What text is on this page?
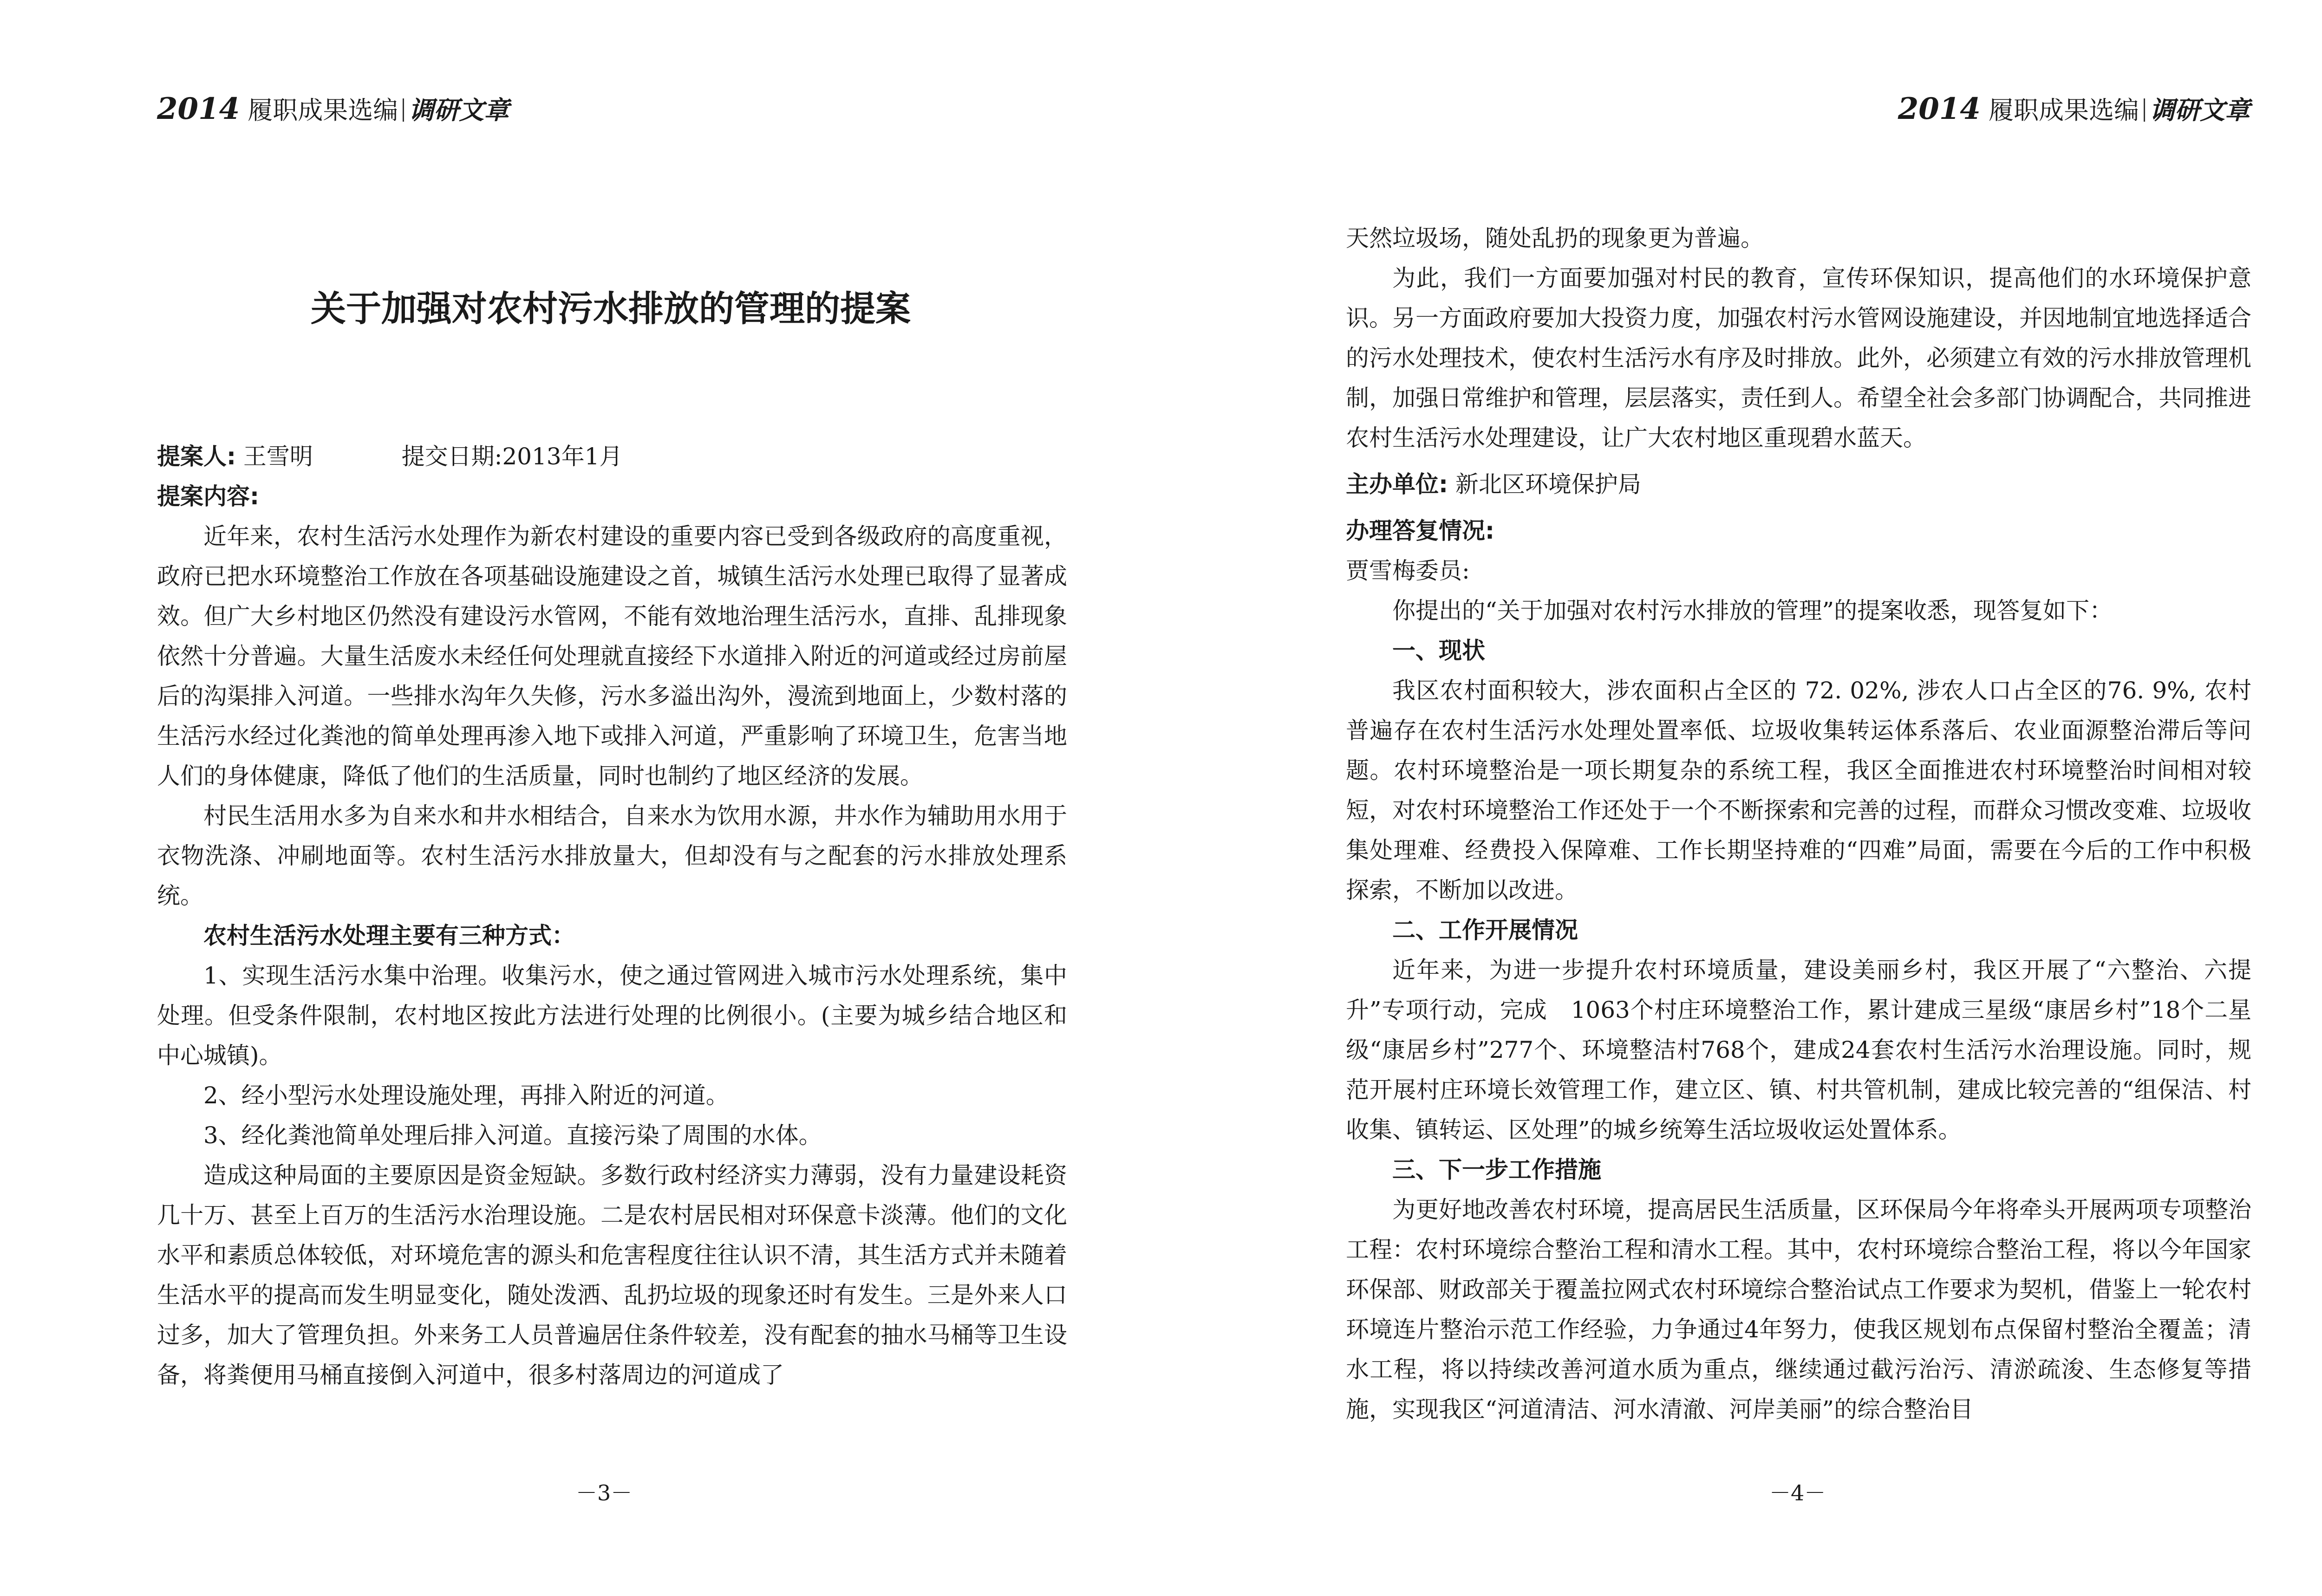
2014 履职成果选编 调研文章
关于加强对农村污水排放的管理的提案

提案人: 王雪明	提交日期:2013年1月

提案内容:

近年来，农村生活污水处理作为新农村建设的重要内容已受到各级政府的高度重视，政府已把水环境整治工作放在各项基础设施建设之首，城镇生活污水处理已取得了显著成效。但广大乡村地区仍然没有建设污水管网，不能有效地治理生活污水，直排、乱排现象依然十分普遍。大量生活废水未经任何处理就直接经下水道排入附近的河道或经过房前屋后的沟渠排入河道。一些排水沟年久失修，污水多溢出沟外，漫流到地面上，少数村落的生活污水经过化粪池的简单处理再渗入地下或排入河道，严重影响了环境卫生，危害当地人们的身体健康，降低了他们的生活质量，同时也制约了地区经济的发展。

村民生活用水多为自来水和井水相结合，自来水为饮用水源，井水作为辅助用水用于衣物洗涤、冲刷地面等。农村生活污水排放量大，但却没有与之配套的污水排放处理系统。

农村生活污水处理主要有三种方式：

1、实现生活污水集中治理。收集污水，使之通过管网进入城市污水处理系统，集中处理。但受条件限制，农村地区按此方法进行处理的比例很小。(主要为城乡结合地区和中心城镇)。

2、经小型污水处理设施处理，再排入附近的河道。

3、经化粪池简单处理后排入河道。直接污染了周围的水体。

造成这种局面的主要原因是资金短缺。多数行政村经济实力薄弱，没有力量建设耗资几十万、甚至上百万的生活污水治理设施。二是农村居民相对环保意卡淡薄。他们的文化水平和素质总体较低，对环境危害的源头和危害程度往往认识不清，其生活方式并未随着生活水平的提高而发生明显变化，随处泼洒、乱扔垃圾的现象还时有发生。三是外来人口过多，加大了管理负担。外来务工人员普遍居住条件较差，没有配套的抽水马桶等卫生设备，将粪便用马桶直接倒入河道中，很多村落周边的河道成了

－3－
2014 履职成果选编 调研文章

天然垃圾场，随处乱扔的现象更为普遍。

为此，我们一方面要加强对村民的教育，宣传环保知识，提高他们的水环境保护意识。另一方面政府要加大投资力度，加强农村污水管网设施建设，并因地制宜地选择适合的污水处理技术，使农村生活污水有序及时排放。此外，必须建立有效的污水排放管理机制，加强日常维护和管理，层层落实，责任到人。希望全社会多部门协调配合，共同推进农村生活污水处理建设，让广大农村地区重现碧水蓝天。

主办单位: 新北区环境保护局

办理答复情况:

贾雪梅委员:

你提出的“关于加强对农村污水排放的管理”的提案收悉，现答复如下：

一、现状

我区农村面积较大，涉农面积占全区的 72. 02%, 涉农人口占全区的76. 9%, 农村普遍存在农村生活污水处理处置率低、垃圾收集转运体系落后、农业面源整治滞后等问题。农村环境整治是一项长期复杂的系统工程，我区全面推进农村环境整治时间相对较短，对农村环境整治工作还处于一个不断探索和完善的过程，而群众习惯改变难、垃圾收集处理难、经费投入保障难、工作长期坚持难的“四难”局面，需要在今后的工作中积极探索，不断加以改进。

二、工作开展情况

近年来，为进一步提升农村环境质量，建设美丽乡村，我区开展了“六整治、六提升”专项行动，完成　1063个村庄环境整治工作，累计建成三星级“康居乡村”18个二星级“康居乡村”277个、环境整洁村768个，建成24套农村生活污水治理设施。同时，规范开展村庄环境长效管理工作，建立区、镇、村共管机制，建成比较完善的“组保洁、村收集、镇转运、区处理”的城乡统筹生活垃圾收运处置体系。

三、下一步工作措施

为更好地改善农村环境，提高居民生活质量，区环保局今年将牵头开展两项专项整治工程：农村环境综合整治工程和清水工程。其中，农村环境综合整治工程，将以今年国家环保部、财政部关于覆盖拉网式农村环境综合整治试点工作要求为契机，借鉴上一轮农村环境连片整治示范工作经验，力争通过4年努力，使我区规划布点保留村整治全覆盖；清水工程，将以持续改善河道水质为重点，继续通过截污治污、清淤疏浚、生态修复等措施，实现我区“河道清洁、河水清澈、河岸美丽”的综合整治目

－4－
